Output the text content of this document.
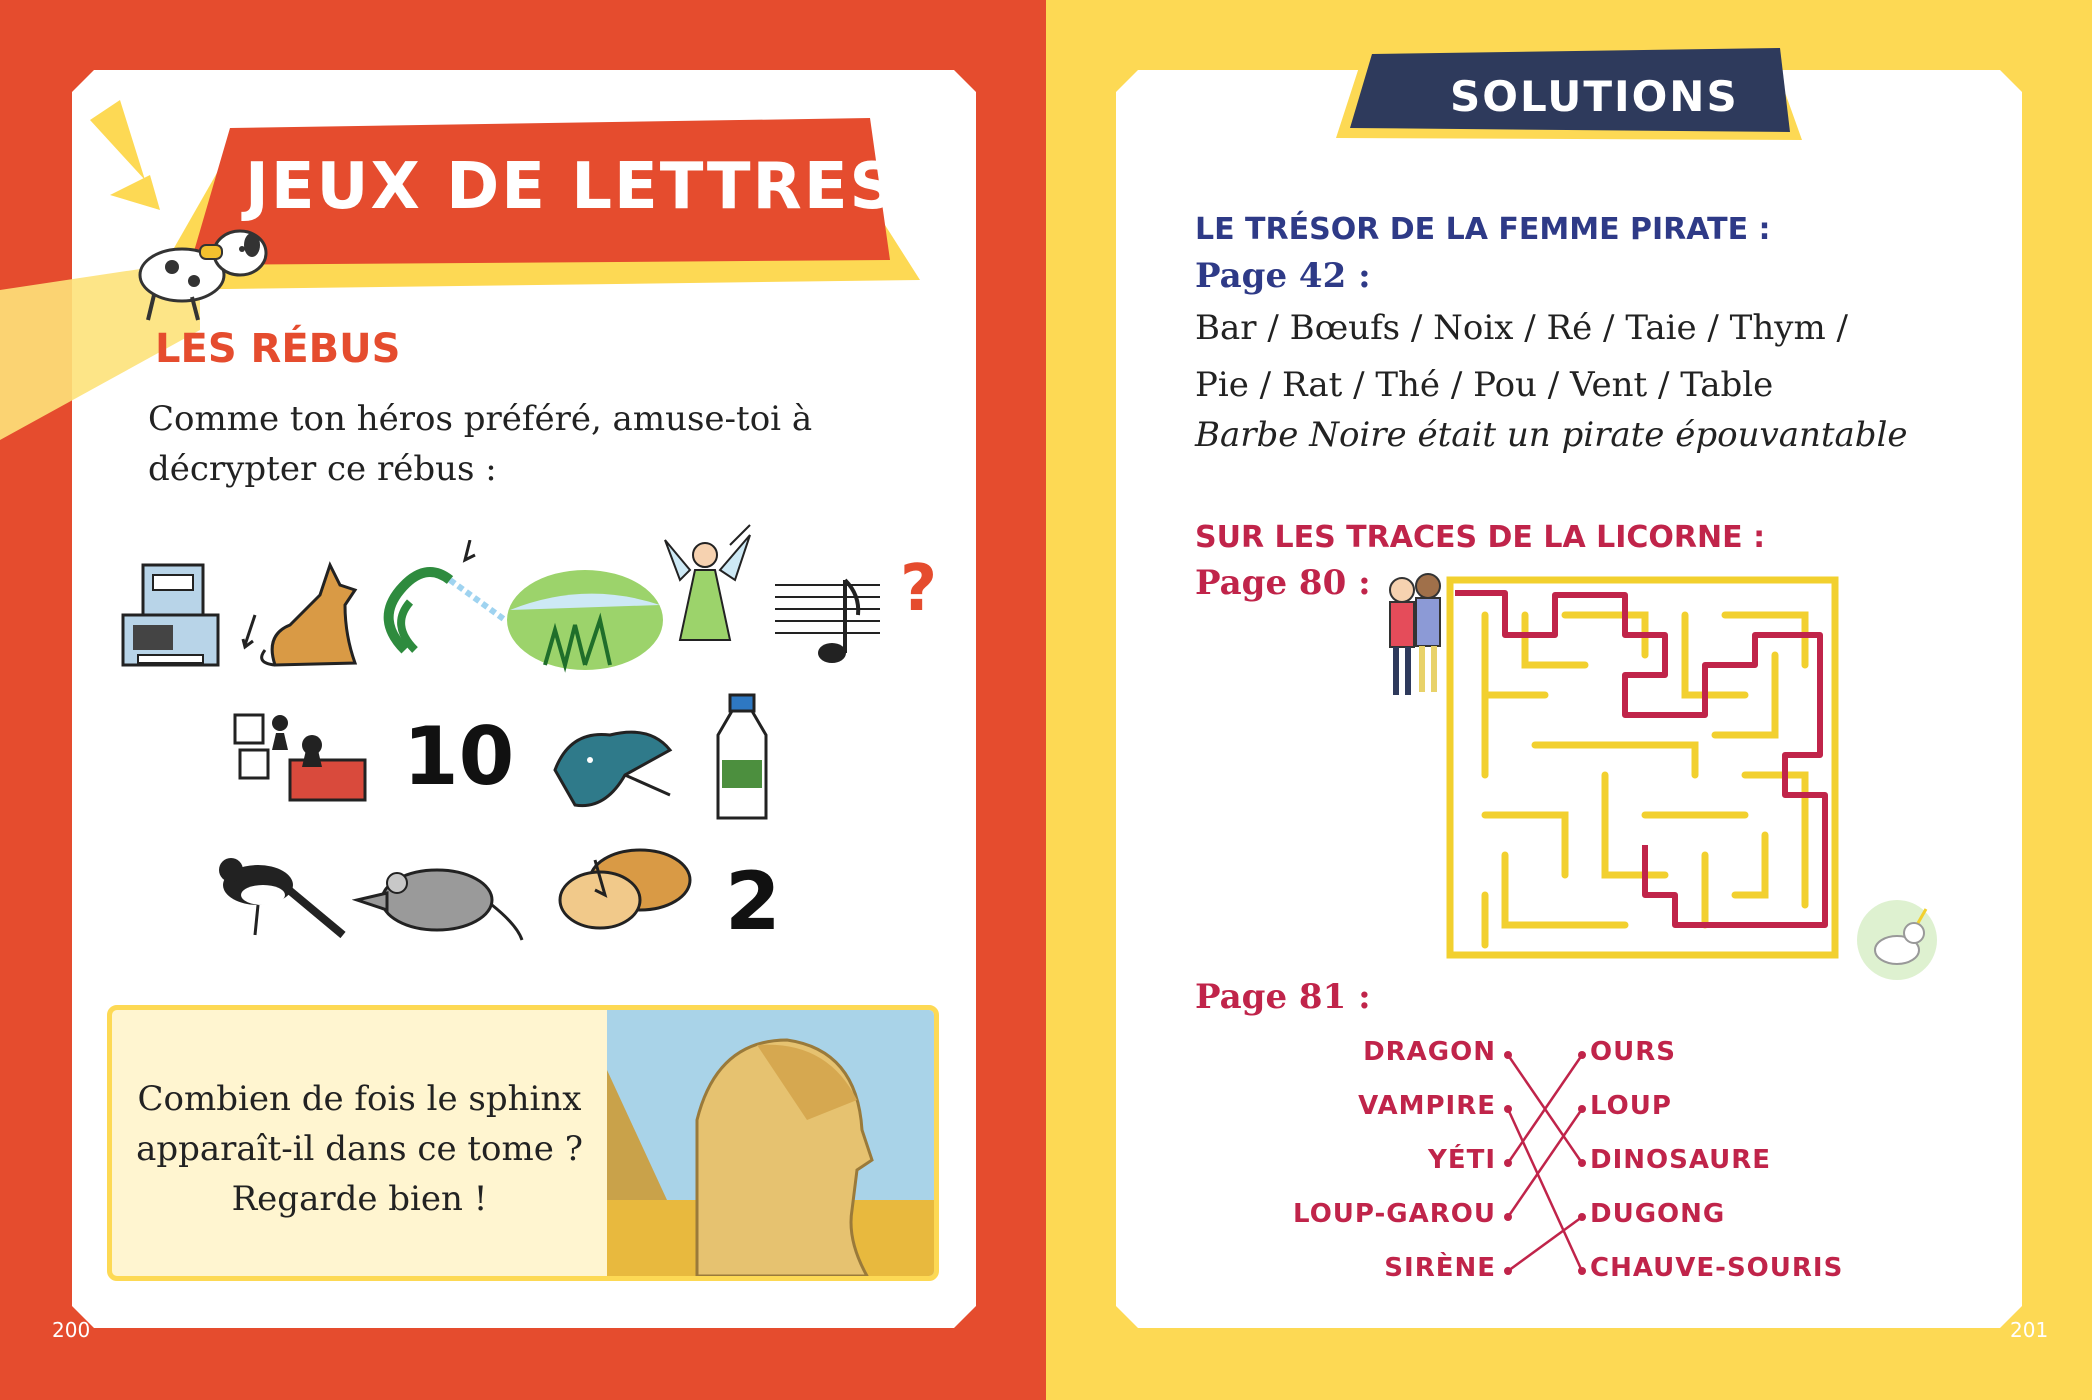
JEUX DE LETTRES
LES RÉBUS
Comme ton héros préféré, amuse-toi à
décrypter ce rébus :
?
10
2
Combien de fois le sphinx
apparaît-il dans ce tome ?
Regarde bien !
200
SOLUTIONS
LE TRÉSOR DE LA FEMME PIRATE :
Page 42 :
Bar / Bœufs / Noix / Ré / Taie / Thym /
Pie / Rat / Thé / Pou / Vent / Table
Barbe Noire était un pirate épouvantable
SUR LES TRACES DE LA LICORNE :
Page 80 :
Page 81 :
DRAGON
VAMPIRE
YÉTI
LOUP-GAROU
SIRÈNE
OURS
LOUP
DINOSAURE
DUGONG
CHAUVE-SOURIS
201
